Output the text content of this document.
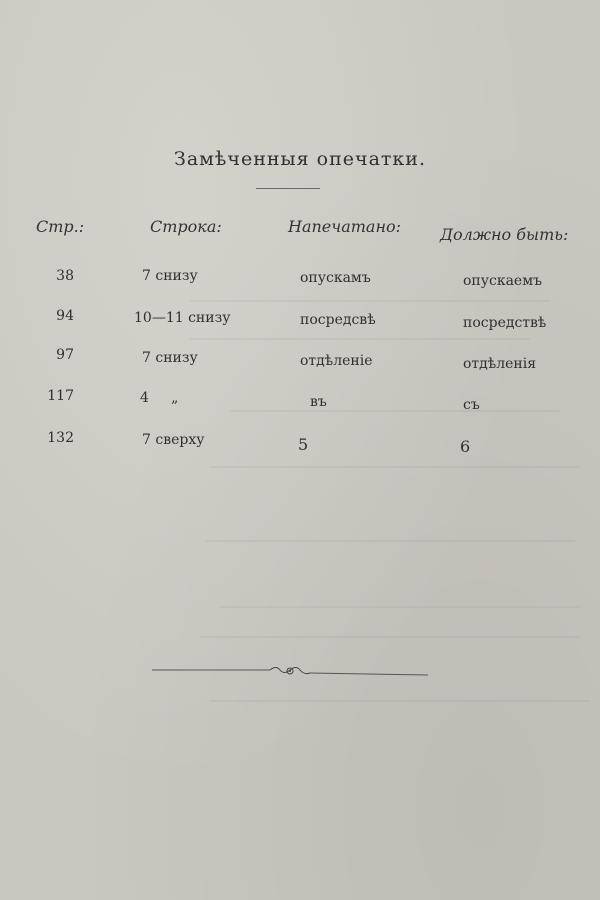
Замѣченныя опечатки.
Стр.:	Строка:	Напечатано: Должно быть:
38	7 снизу	опускамъ	опускаемъ
94	10—11 снизу	посредсвѣ	посредствѣ
97	7 снизу	отдѣленіе	отдѣленія
117	4     „	въ	съ
132	7 сверху	5	6
